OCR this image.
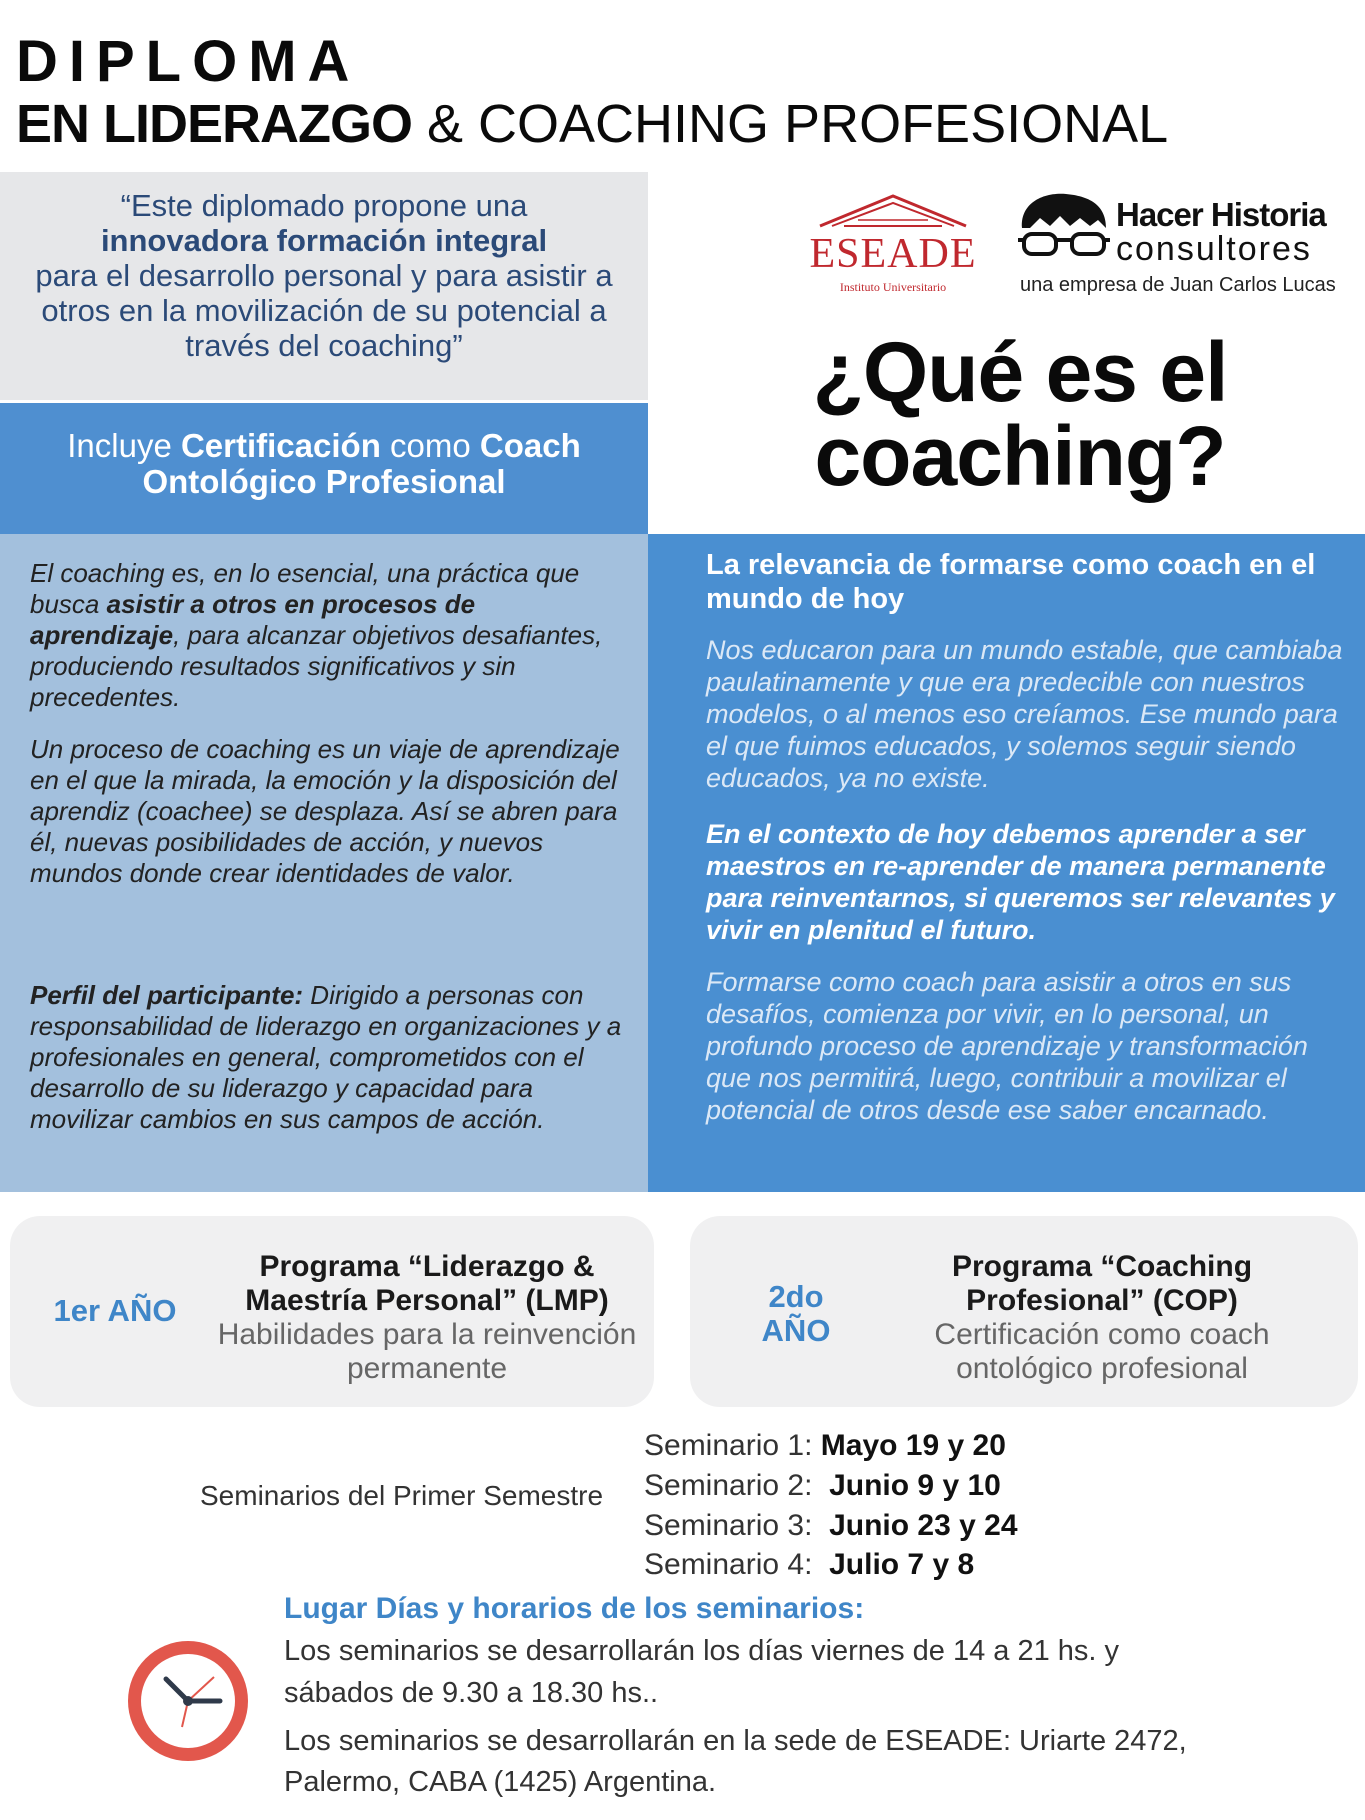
DIPLOMA
EN LIDERAZGO & COACHING PROFESIONAL
“Este diplomado propone una
innovadora formación integral
para el desarrollo personal y para asistir a otros en la movilización de su potencial a través del coaching”
Incluye Certificación como Coach Ontológico Profesional
ESEADE
Instituto Universitario
Hacer Historia
consultores
una empresa de Juan Carlos Lucas
¿Qué es el coaching?
El coaching es, en lo esencial, una práctica que busca asistir a otros en procesos de aprendizaje, para alcanzar objetivos desafiantes, produciendo resultados significativos y sin precedentes.
Un proceso de coaching es un viaje de aprendizaje en el que la mirada, la emoción y la disposición del aprendiz (coachee) se desplaza. Así se abren para él, nuevas posibilidades de acción, y nuevos mundos donde crear identidades de valor.
Perfil del participante: Dirigido a personas con responsabilidad de liderazgo en organizaciones y a profesionales en general, comprometidos con el desarrollo de su liderazgo y capacidad para movilizar cambios en sus campos de acción.
La relevancia de formarse como coach en el mundo de hoy
Nos educaron para un mundo estable, que cambiaba paulatinamente y que era predecible con nuestros modelos, o al menos eso creíamos. Ese mundo para el que fuimos educados, y solemos seguir siendo educados, ya no existe.
En el contexto de hoy debemos aprender a ser maestros en re-aprender de manera permanente para reinventarnos, si queremos ser relevantes y vivir en plenitud el futuro.
Formarse como coach para asistir a otros en sus desafíos, comienza por vivir, en lo personal, un profundo proceso de aprendizaje y transformación que nos permitirá, luego, contribuir a movilizar el potencial de otros desde ese saber encarnado.
1er AÑO
Programa “Liderazgo & Maestría Personal” (LMP)
Habilidades para la reinvención permanente
2do
AÑO
Programa “Coaching Profesional” (COP)
Certificación como coach ontológico profesional
Seminarios del Primer Semestre
Seminario 1: Mayo 19 y 20
Seminario 2: Junio 9 y 10
Seminario 3: Junio 23 y 24
Seminario 4: Julio 7 y 8
Lugar Días y horarios de los seminarios:
Los seminarios se desarrollarán los días viernes de 14 a 21 hs. y
sábados de 9.30 a 18.30 hs..
Los seminarios se desarrollarán en la sede de ESEADE: Uriarte 2472,
Palermo, CABA (1425) Argentina.
